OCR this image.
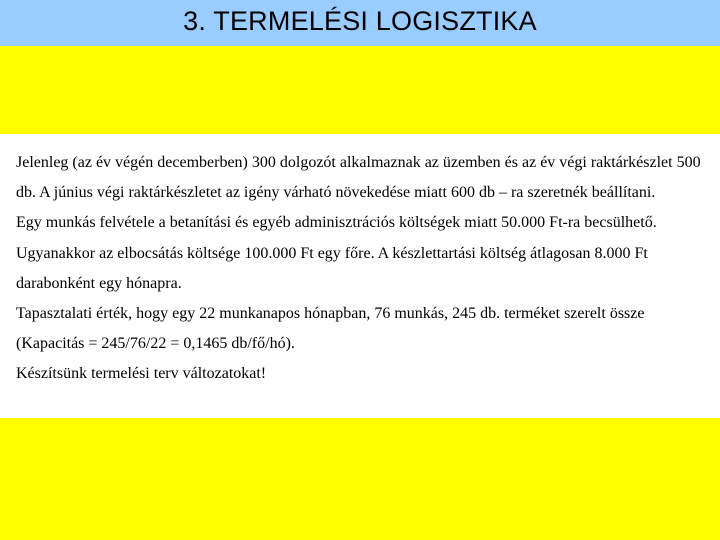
3. TERMELÉSI LOGISZTIKA

Jelenleg (az év végén decemberben) 300 dolgozót alkalmaznak az üzemben és az év végi raktárkészlet 500 db. A június végi raktárkészletet az igény várható növekedése miatt 600 db – ra szeretnék beállítani.

Egy munkás felvétele a betanítási és egyéb adminisztrációs költségek miatt 50.000 Ft-ra becsülhető. Ugyanakkor az elbocsátás költsége 100.000 Ft egy főre. A készlettartási költség átlagosan 8.000 Ft darabonként egy hónapra.

Tapasztalati érték, hogy egy 22 munkanapos hónapban, 76 munkás, 245 db. terméket szerelt össze (Kapacitás = 245/76/22 = 0,1465 db/fő/hó).

Készítsünk termelési terv változatokat!
